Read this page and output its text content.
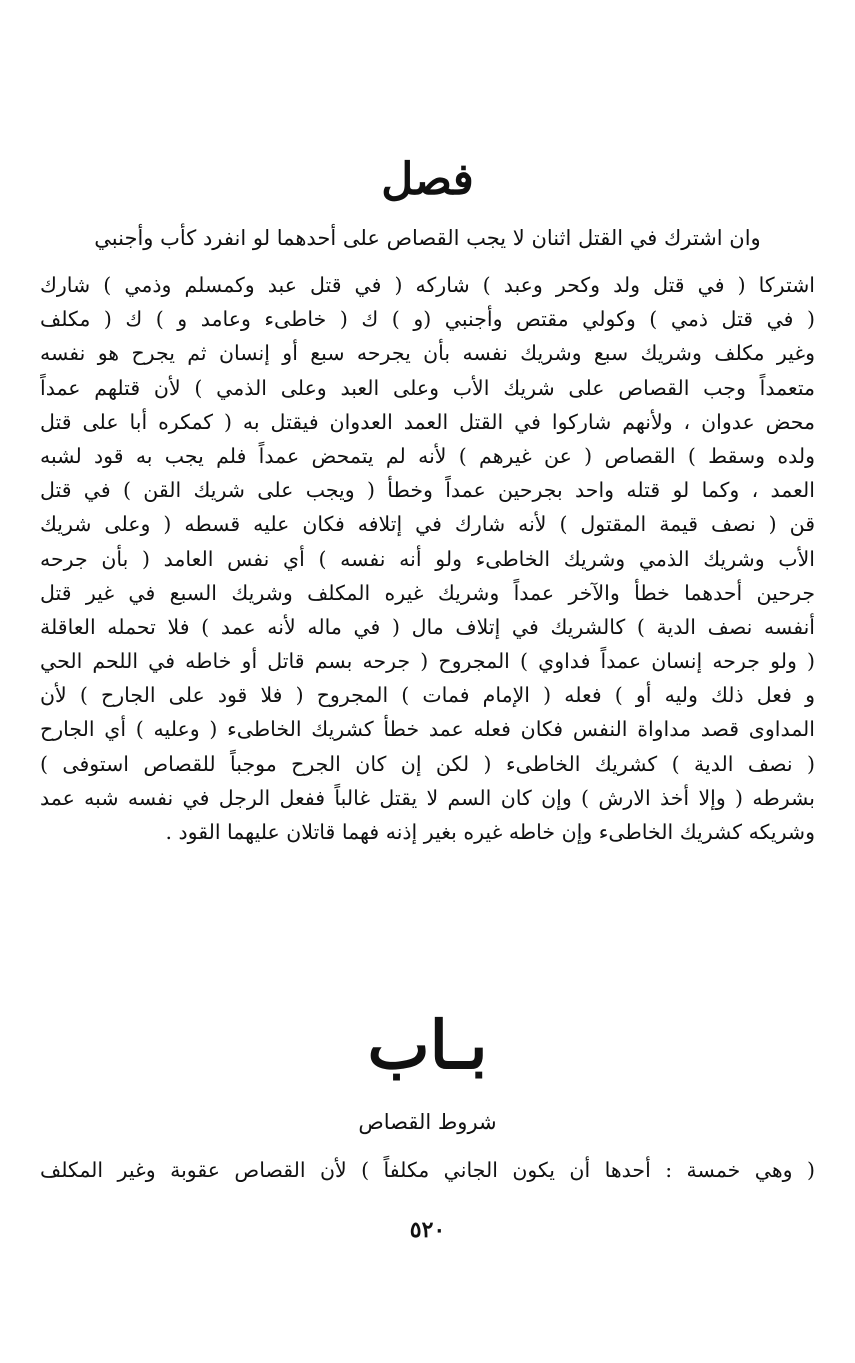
فصل

وان اشترك في القتل اثنان لا يجب القصاص على أحدهما لو انفرد كأب وأجنبي

اشتركا ( في قتل ولد وكحر وعبد ) شاركه ( في قتل عبد وكمسلم وذمي ) شارك
( في قتل ذمي ) وكولي مقتص وأجنبي (و ) ك ( خاطىء وعامد و ) ك ( مكلف
وغير مكلف وشريك سبع وشريك نفسه بأن يجرحه سبع أو إنسان ثم يجرح هو نفسه
متعمداً وجب القصاص على شريك الأب وعلى العبد وعلى الذمي ) لأن قتلهم عمداً
محض عدوان ، ولأنهم شاركوا في القتل العمد العدوان فيقتل به ( كمكره أبا على قتل
ولده وسقط ) القصاص ( عن غيرهم ) لأنه لم يتمحض عمداً فلم يجب به قود لشبه
العمد ، وكما لو قتله واحد بجرحين عمداً وخطأ ( ويجب على شريك القن ) في قتل
قن ( نصف قيمة المقتول ) لأنه شارك في إتلافه فكان عليه قسطه ( وعلى شريك
الأب وشريك الذمي وشريك الخاطىء ولو أنه نفسه ) أي نفس العامد ( بأن جرحه
جرحين أحدهما خطأ والآخر عمداً وشريك غيره المكلف وشريك السبع في غير قتل
أنفسه نصف الدية ) كالشريك في إتلاف مال ( في ماله لأنه عمد ) فلا تحمله العاقلة
( ولو جرحه إنسان عمداً فداوي ) المجروح ( جرحه بسم قاتل أو خاطه في اللحم الحي
و فعل ذلك وليه أو ) فعله ( الإمام فمات ) المجروح ( فلا قود على الجارح ) لأن
المداوى قصد مداواة النفس فكان فعله عمد خطأ كشريك الخاطىء ( وعليه ) أي الجارح
( نصف الدية ) كشريك الخاطىء ( لكن إن كان الجرح موجباً للقصاص استوفى )
بشرطه ( وإلا أخذ الارش ) وإن كان السم لا يقتل غالباً ففعل الرجل في نفسه شبه عمد
وشريكه كشريك الخاطىء وإن خاطه غيره بغير إذنه فهما قاتلان عليهما القود .
بـاب

شروط القصاص

( وهي خمسة : أحدها أن يكون الجاني مكلفاً ) لأن القصاص عقوبة وغير المكلف

٥٢٠
